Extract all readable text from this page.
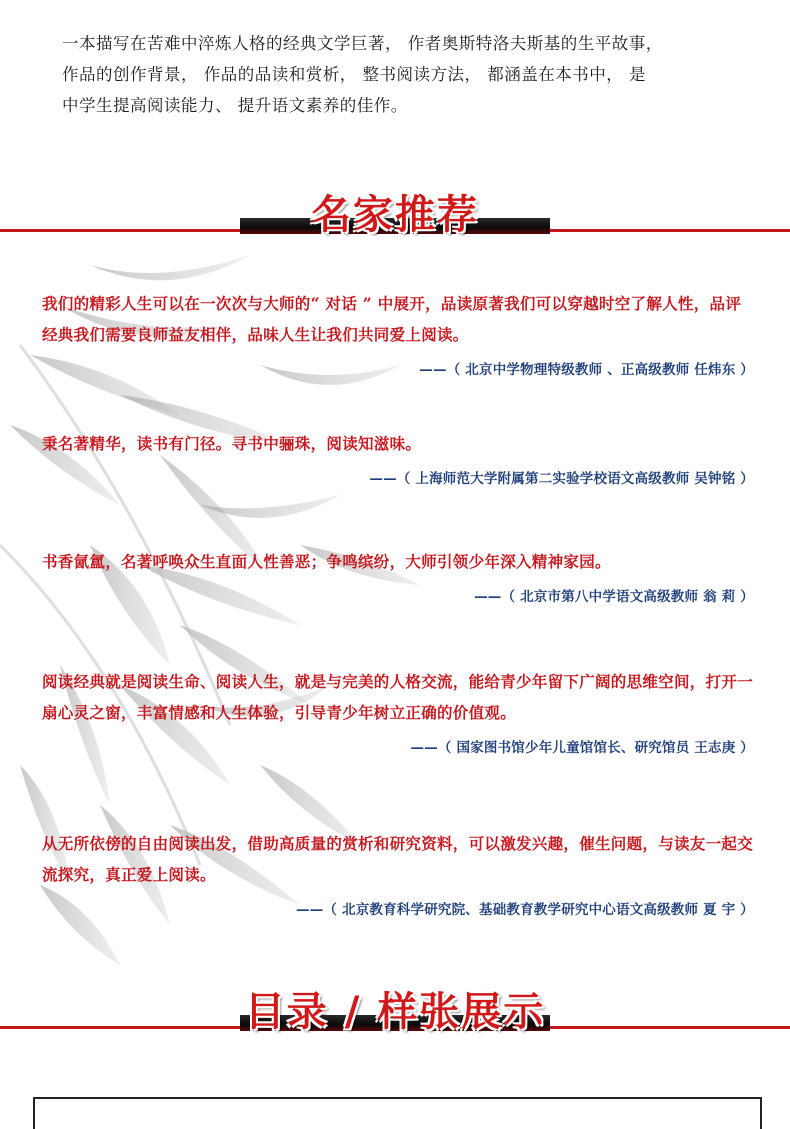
一本描写在苦难中淬炼人格的经典文学巨著， 作者奥斯特洛夫斯基的生平故事，

作品的创作背景， 作品的品读和赏析， 整书阅读方法， 都涵盖在本书中， 是

中学生提高阅读能力、 提升语文素养的佳作。

名家推荐

我们的精彩人生可以在一次次与大师的“ 对话 ” 中展开，品读原著我们可以穿越时空了解人性，品评经典我们需要良师益友相伴，品味人生让我们共同爱上阅读。

——（ 北京中学物理特级教师 、正高级教师 任炜东 ）

秉名著精华，读书有门径。寻书中骊珠，阅读知滋味。

——（ 上海师范大学附属第二实验学校语文高级教师 吴钟铭 ）

书香氤氲，名著呼唤众生直面人性善恶；争鸣缤纷，大师引领少年深入精神家园。

——（ 北京市第八中学语文高级教师 翁 莉 ）

阅读经典就是阅读生命、阅读人生，就是与完美的人格交流，能给青少年留下广阔的思维空间，打开一扇心灵之窗，丰富情感和人生体验，引导青少年树立正确的价值观。

——（ 国家图书馆少年儿童馆馆长、研究馆员 王志庚 ）

从无所依傍的自由阅读出发，借助高质量的赏析和研究资料，可以激发兴趣，催生问题，与读友一起交流探究，真正爱上阅读。

——（ 北京教育科学研究院、基础教育教学研究中心语文高级教师 夏 宇 ）
目录 / 样张展示
